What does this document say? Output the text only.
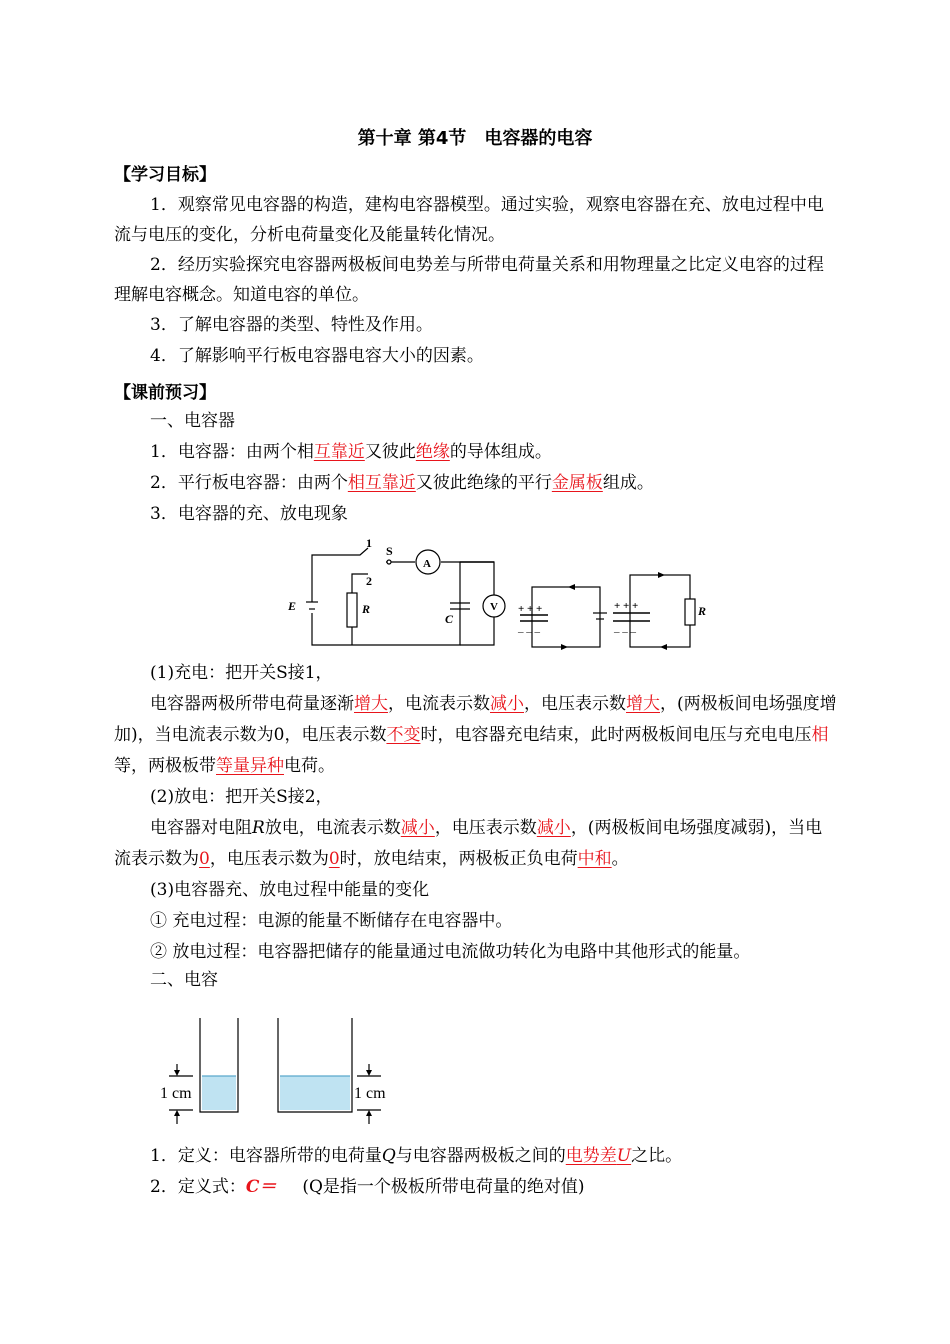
第十章 第4节　电容器的电容
【学习目标】
1．观察常见电容器的构造，建构电容器模型。通过实验，观察电容器在充、放电过程中电流与电压的变化，分析电荷量变化及能量转化情况。
2．经历实验探究电容器两极板间电势差与所带电荷量关系和用物理量之比定义电容的过程理解电容概念。知道电容的单位。
3．了解电容器的类型、特性及作用。
4．了解影响平行板电容器电容大小的因素。
【课前预习】
一、电容器
1．电容器：由两个相互靠近又彼此绝缘的导体组成。
2．平行板电容器：由两个相互靠近又彼此绝缘的平行金属板组成。
3．电容器的充、放电现象
1
S
2
A
V
E	R
C
+ + +
– – –
+ + +
– – –
R
(1)充电：把开关S接1，
电容器两极所带电荷量逐渐增大，电流表示数减小，电压表示数增大，(两极板间电场强度增加)，当电流表示数为0，电压表示数不变时，电容器充电结束，此时两极板间电压与充电电压相等，两极板带等量异种电荷。
(2)放电：把开关S接2，
电容器对电阻R放电，电流表示数减小，电压表示数减小，(两极板间电场强度减弱)，当电流表示数为0，电压表示数为0时，放电结束，两极板正负电荷中和。
(3)电容器充、放电过程中能量的变化
① 充电过程：电源的能量不断储存在电容器中。
② 放电过程：电容器把储存的能量通过电流做功转化为电路中其他形式的能量。
二、电容
1 cm	1 cm
1．定义：电容器所带的电荷量Q与电容器两极板之间的电势差U之比。
2．定义式：C＝ (Q是指一个极板所带电荷量的绝对值)
